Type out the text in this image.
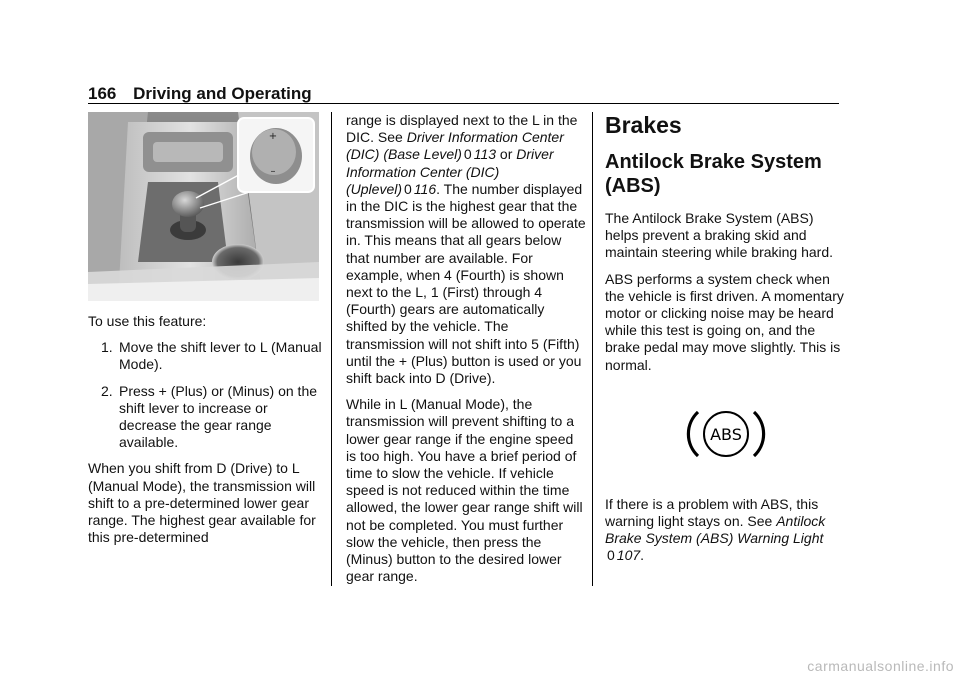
166 Driving and Operating
+
–

To use this feature:

1. Move the shift lever to L (Manual Mode).
2. Press + (Plus) or (Minus) on the shift lever to increase or decrease the gear range available.

When you shift from D (Drive) to L (Manual Mode), the transmission will shift to a pre-determined lower gear range. The highest gear available for this pre-determined

range is displayed next to the L in the DIC. See Driver Information Center (DIC) (Base Level) 0 113 or Driver Information Center (DIC) (Uplevel) 0 116. The number displayed in the DIC is the highest gear that the transmission will be allowed to operate in. This means that all gears below that number are available. For example, when 4 (Fourth) is shown next to the L, 1 (First) through 4 (Fourth) gears are automatically shifted by the vehicle. The transmission will not shift into 5 (Fifth) until the + (Plus) button is used or you shift back into D (Drive).

While in L (Manual Mode), the transmission will prevent shifting to a lower gear range if the engine speed is too high. You have a brief period of time to slow the vehicle. If vehicle speed is not reduced within the time allowed, the lower gear range shift will not be completed. You must further slow the vehicle, then press the (Minus) button to the desired lower gear range.

Brakes
Antilock Brake System (ABS)

The Antilock Brake System (ABS) helps prevent a braking skid and maintain steering while braking hard.

ABS performs a system check when the vehicle is first driven. A momentary motor or clicking noise may be heard while this test is going on, and the brake pedal may move slightly. This is normal.

ABS

If there is a problem with ABS, this warning light stays on. See Antilock Brake System (ABS) Warning Light
0 107.

carmanualsonline.info
